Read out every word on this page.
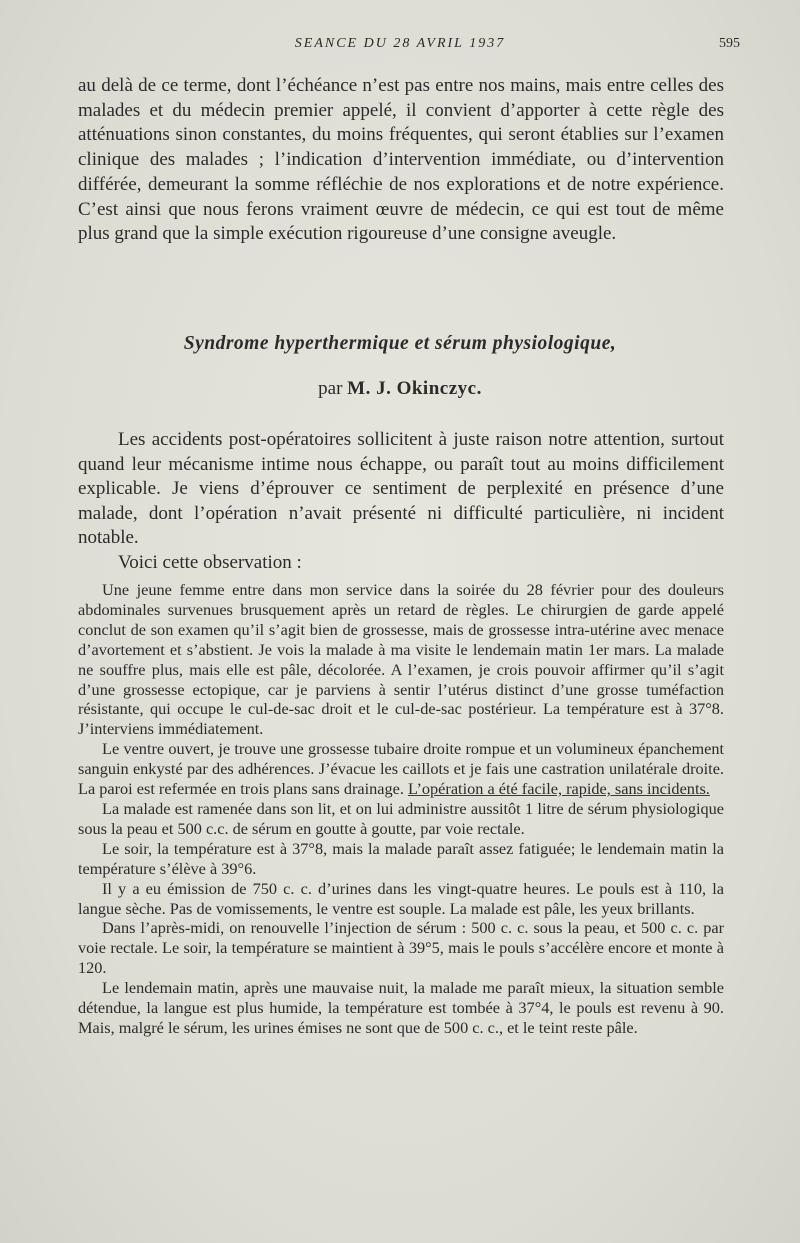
SEANCE DU 28 AVRIL 1937	595

au delà de ce terme, dont l’échéance n’est pas entre nos mains, mais entre celles des malades et du médecin premier appelé, il convient d’apporter à cette règle des atténuations sinon constantes, du moins fréquentes, qui seront établies sur l’examen clinique des malades ; l’indication d’intervention immédiate, ou d’intervention différée, demeurant la somme réfléchie de nos explorations et de notre expérience. C’est ainsi que nous ferons vraiment œuvre de médecin, ce qui est tout de même plus grand que la simple exécution rigoureuse d’une consigne aveugle.

Syndrome hyperthermique et sérum physiologique,
par M. J. Okinczyc.

Les accidents post-opératoires sollicitent à juste raison notre attention, surtout quand leur mécanisme intime nous échappe, ou paraît tout au moins difficilement explicable. Je viens d’éprouver ce sentiment de perplexité en présence d’une malade, dont l’opération n’avait présenté ni difficulté particulière, ni incident notable.

Voici cette observation :

Une jeune femme entre dans mon service dans la soirée du 28 février pour des douleurs abdominales survenues brusquement après un retard de règles. Le chirurgien de garde appelé conclut de son examen qu’il s’agit bien de grossesse, mais de grossesse intra-utérine avec menace d’avortement et s’abstient. Je vois la malade à ma visite le lendemain matin 1er mars. La malade ne souffre plus, mais elle est pâle, décolorée. A l’examen, je crois pouvoir affirmer qu’il s’agit d’une grossesse ectopique, car je parviens à sentir l’utérus distinct d’une grosse tuméfaction résistante, qui occupe le cul-de-sac droit et le cul-de-sac postérieur. La température est à 37°8. J’interviens immédiatement.

Le ventre ouvert, je trouve une grossesse tubaire droite rompue et un volumineux épanchement sanguin enkysté par des adhérences. J’évacue les caillots et je fais une castration unilatérale droite. La paroi est refermée en trois plans sans drainage. L’opération a été facile, rapide, sans incidents.

La malade est ramenée dans son lit, et on lui administre aussitôt 1 litre de sérum physiologique sous la peau et 500 c.c. de sérum en goutte à goutte, par voie rectale.

Le soir, la température est à 37°8, mais la malade paraît assez fatiguée; le lendemain matin la température s’élève à 39°6.

Il y a eu émission de 750 c. c. d’urines dans les vingt-quatre heures. Le pouls est à 110, la langue sèche. Pas de vomissements, le ventre est souple. La malade est pâle, les yeux brillants.

Dans l’après-midi, on renouvelle l’injection de sérum : 500 c. c. sous la peau, et 500 c. c. par voie rectale. Le soir, la température se maintient à 39°5, mais le pouls s’accélère encore et monte à 120.

Le lendemain matin, après une mauvaise nuit, la malade me paraît mieux, la situation semble détendue, la langue est plus humide, la température est tombée à 37°4, le pouls est revenu à 90. Mais, malgré le sérum, les urines émises ne sont que de 500 c. c., et le teint reste pâle.
